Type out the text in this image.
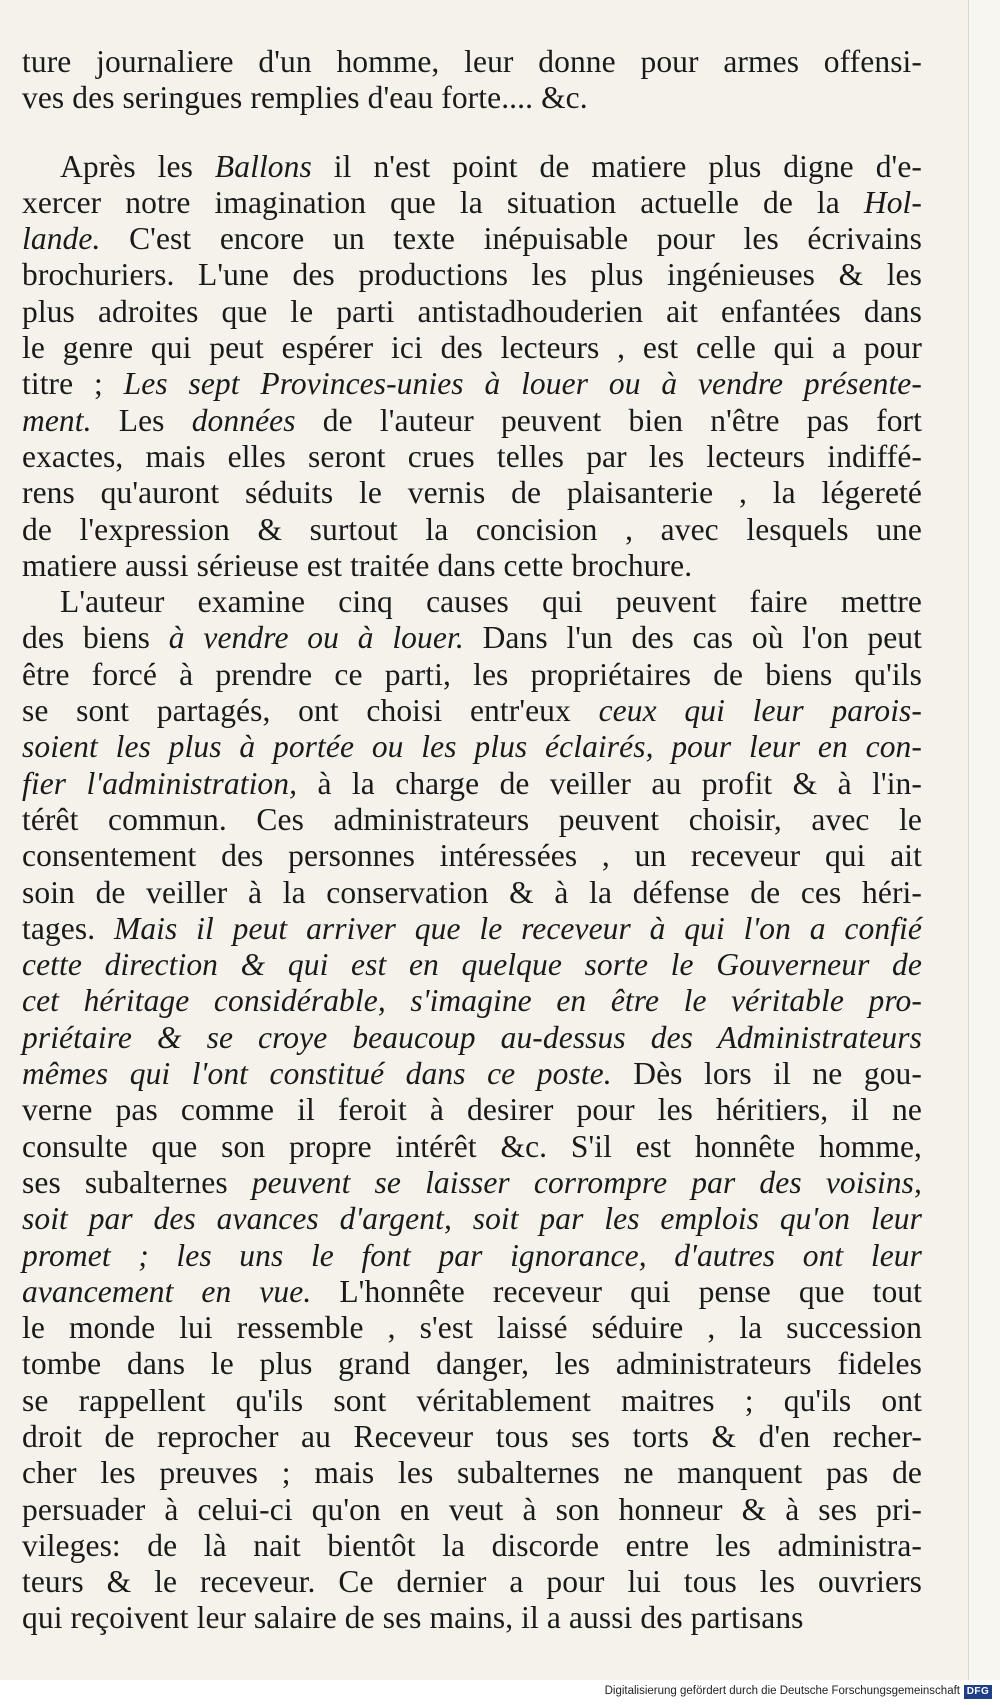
ture journaliere d'un homme, leur donne pour armes offensi-
ves des seringues remplies d'eau forte.... &c.
Après les Ballons il n'est point de matiere plus digne d'e-
xercer notre imagination que la situation actuelle de la Hol-
lande. C'est encore un texte inépuisable pour les écrivains
brochuriers. L'une des productions les plus ingénieuses & les
plus adroites que le parti antistadhouderien ait enfantées dans
le genre qui peut espérer ici des lecteurs , est celle qui a pour
titre ; Les sept Provinces-unies à louer ou à vendre présente-
ment. Les données de l'auteur peuvent bien n'être pas fort
exactes, mais elles seront crues telles par les lecteurs indiffé-
rens qu'auront séduits le vernis de plaisanterie , la légereté
de l'expression & surtout la concision , avec lesquels une
matiere aussi sérieuse est traitée dans cette brochure.
L'auteur examine cinq causes qui peuvent faire mettre
des biens à vendre ou à louer. Dans l'un des cas où l'on peut
être forcé à prendre ce parti, les propriétaires de biens qu'ils
se sont partagés, ont choisi entr'eux ceux qui leur parois-
soient les plus à portée ou les plus éclairés, pour leur en con-
fier l'administration, à la charge de veiller au profit & à l'in-
térêt commun. Ces administrateurs peuvent choisir, avec le
consentement des personnes intéressées , un receveur qui ait
soin de veiller à la conservation & à la défense de ces héri-
tages. Mais il peut arriver que le receveur à qui l'on a confié
cette direction & qui est en quelque sorte le Gouverneur de
cet héritage considérable, s'imagine en être le véritable pro-
priétaire & se croye beaucoup au-dessus des Administrateurs
mêmes qui l'ont constitué dans ce poste. Dès lors il ne gou-
verne pas comme il feroit à desirer pour les héritiers, il ne
consulte que son propre intérêt &c. S'il est honnête homme,
ses subalternes peuvent se laisser corrompre par des voisins,
soit par des avances d'argent, soit par les emplois qu'on leur
promet ; les uns le font par ignorance, d'autres ont leur
avancement en vue. L'honnête receveur qui pense que tout
le monde lui ressemble , s'est laissé séduire , la succession
tombe dans le plus grand danger, les administrateurs fideles
se rappellent qu'ils sont véritablement maitres ; qu'ils ont
droit de reprocher au Receveur tous ses torts & d'en recher-
cher les preuves ; mais les subalternes ne manquent pas de
persuader à celui-ci qu'on en veut à son honneur & à ses pri-
vileges: de là nait bientôt la discorde entre les administra-
teurs & le receveur. Ce dernier a pour lui tous les ouvriers
qui reçoivent leur salaire de ses mains, il a aussi des partisans
Digitalisierung gefördert durch die Deutsche Forschungsgemeinschaft DFG
